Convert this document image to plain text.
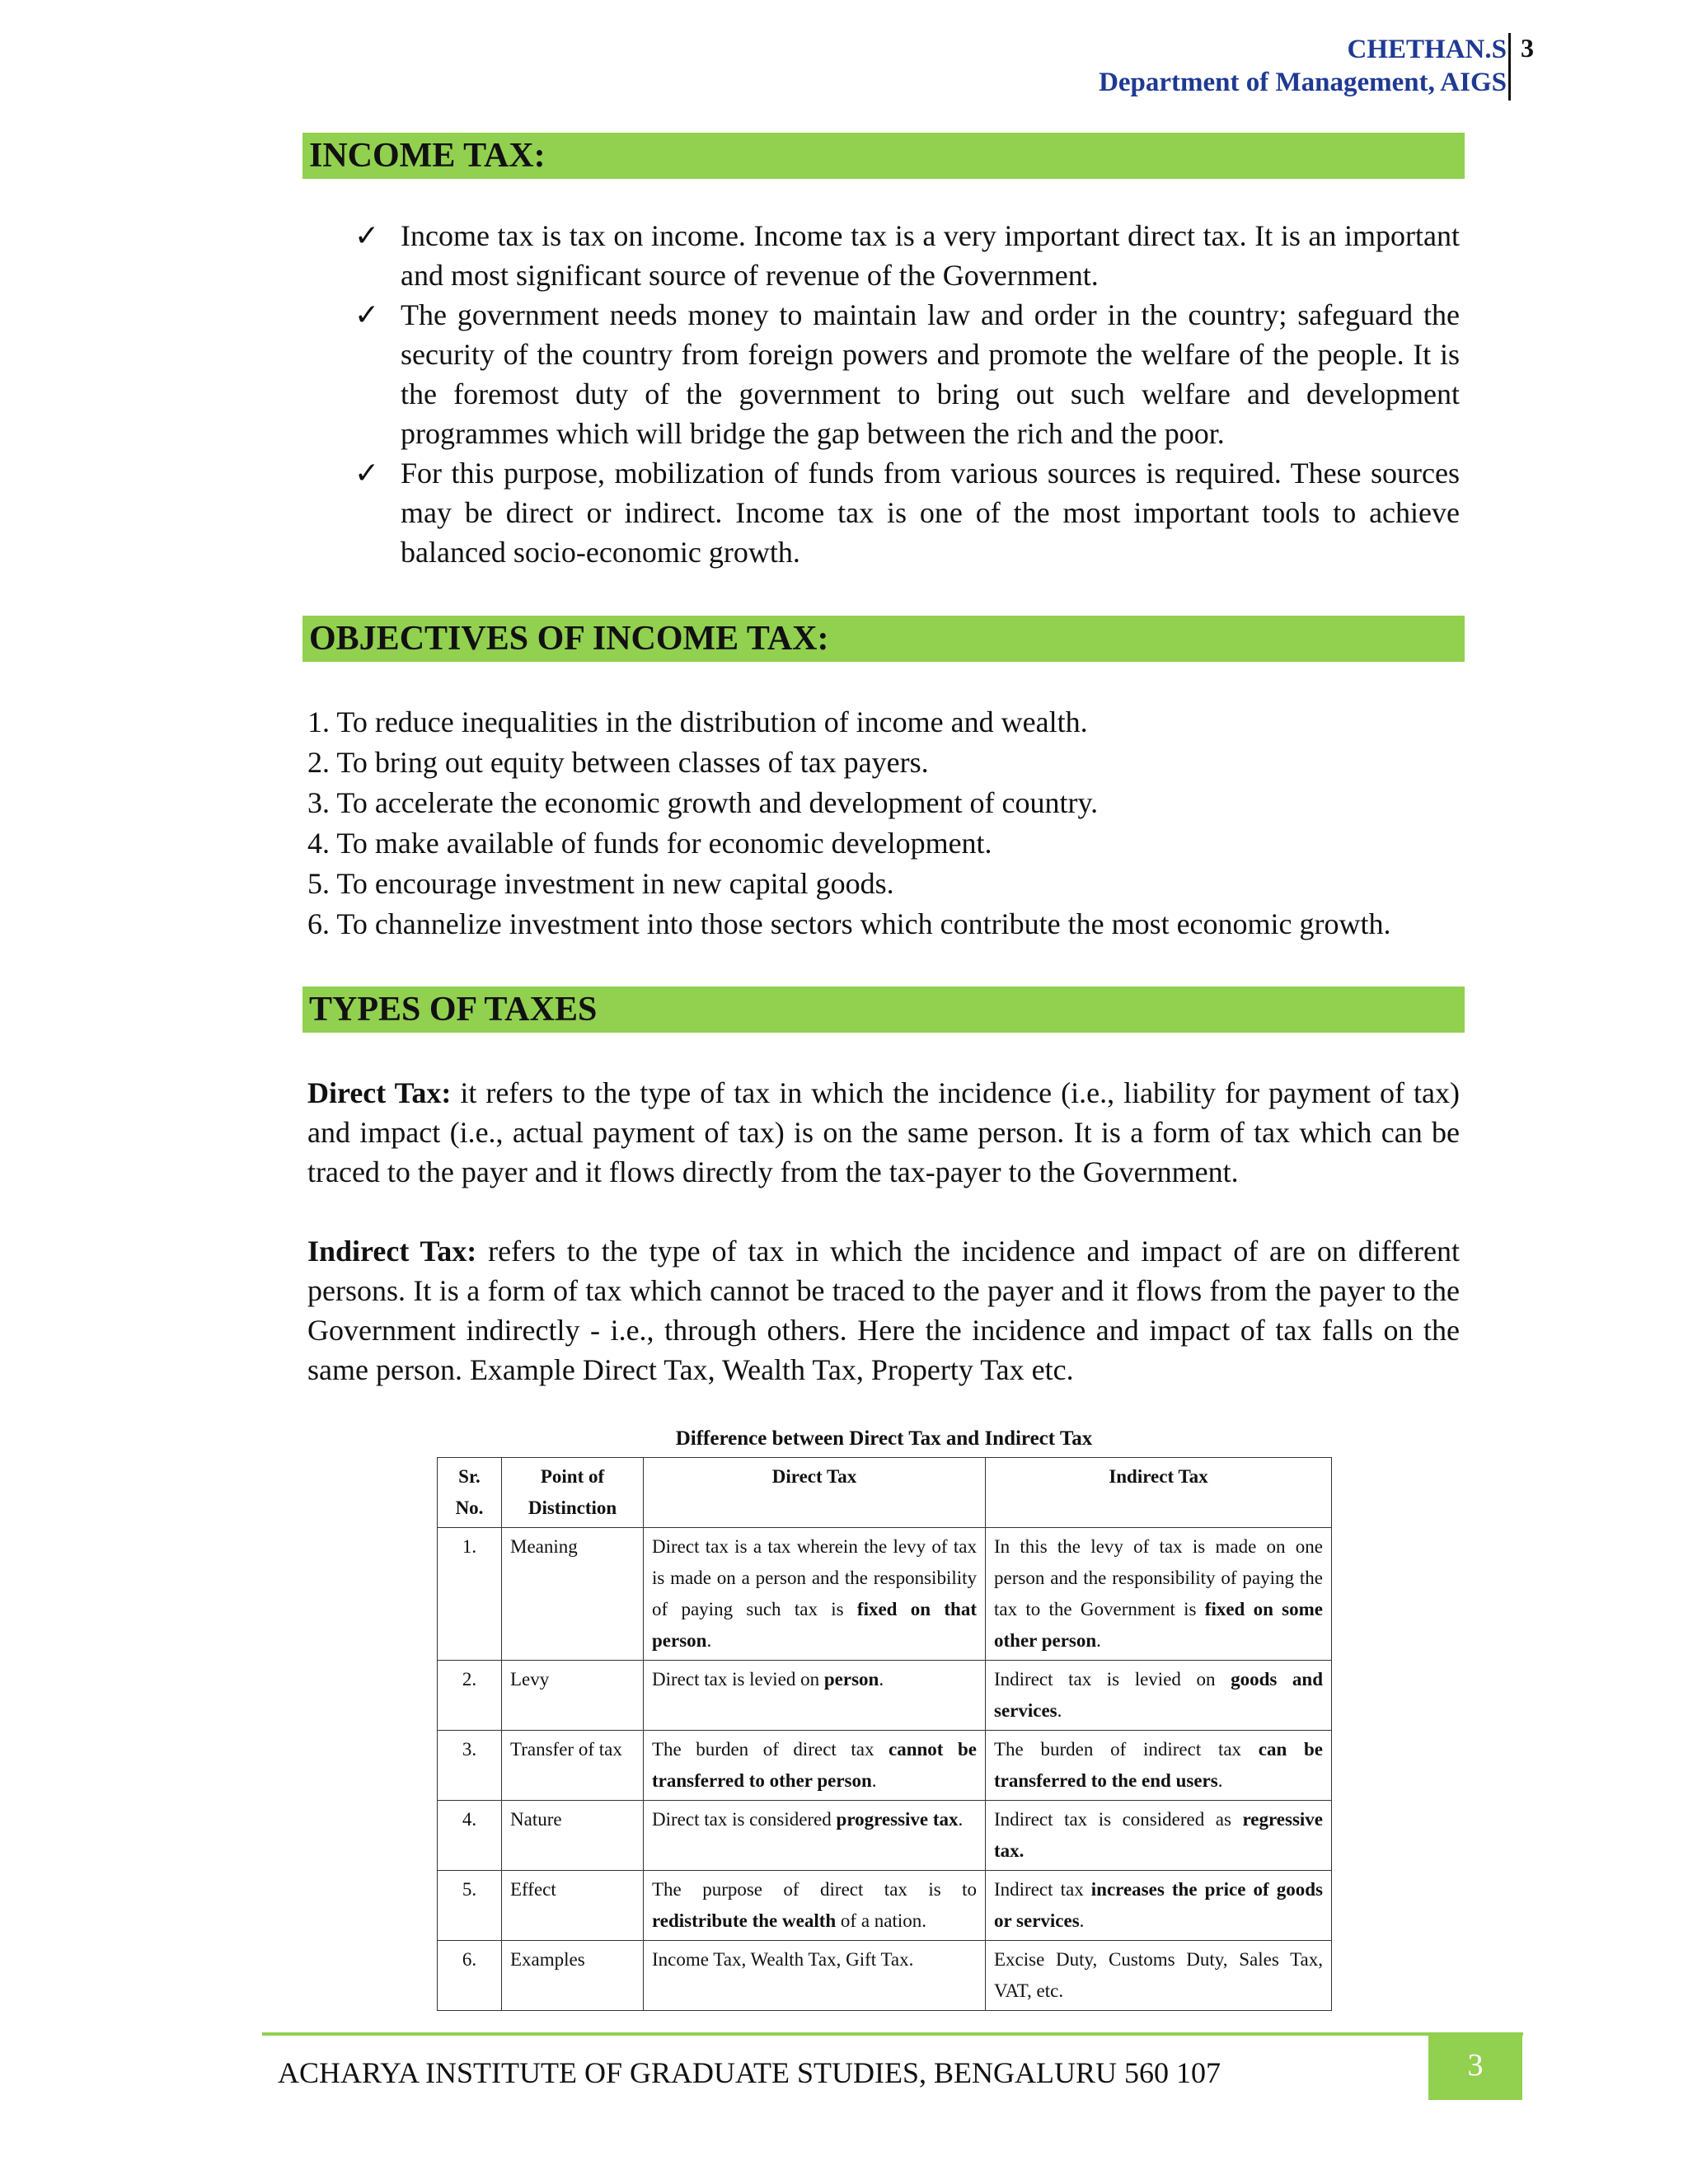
CHETHAN.S
Department of Management, AIGS
3
INCOME TAX:
✓ Income tax is tax on income. Income tax is a very important direct tax. It is an important and most significant source of revenue of the Government.
✓ The government needs money to maintain law and order in the country; safeguard the security of the country from foreign powers and promote the welfare of the people. It is the foremost duty of the government to bring out such welfare and development programmes which will bridge the gap between the rich and the poor.
✓ For this purpose, mobilization of funds from various sources is required. These sources may be direct or indirect. Income tax is one of the most important tools to achieve balanced socio-economic growth.
OBJECTIVES OF INCOME TAX:
1. To reduce inequalities in the distribution of income and wealth.
2. To bring out equity between classes of tax payers.
3. To accelerate the economic growth and development of country.
4. To make available of funds for economic development.
5. To encourage investment in new capital goods.
6. To channelize investment into those sectors which contribute the most economic growth.
TYPES OF TAXES
Direct Tax: it refers to the type of tax in which the incidence (i.e., liability for payment of tax) and impact (i.e., actual payment of tax) is on the same person. It is a form of tax which can be traced to the payer and it flows directly from the tax-payer to the Government.
Indirect Tax: refers to the type of tax in which the incidence and impact of are on different persons. It is a form of tax which cannot be traced to the payer and it flows from the payer to the Government indirectly - i.e., through others. Here the incidence and impact of tax falls on the same person. Example Direct Tax, Wealth Tax, Property Tax etc.
Difference between Direct Tax and Indirect Tax
Sr. No.	Point of Distinction	Direct Tax	Indirect Tax
1.	Meaning	Direct tax is a tax wherein the levy of tax is made on a person and the responsibility of paying such tax is fixed on that person.	In this the levy of tax is made on one person and the responsibility of paying the tax to the Government is fixed on some other person.
2.	Levy	Direct tax is levied on person.	Indirect tax is levied on goods and services.
3.	Transfer of tax	The burden of direct tax cannot be transferred to other person.	The burden of indirect tax can be transferred to the end users.
4.	Nature	Direct tax is considered progressive tax.	Indirect tax is considered as regressive tax.
5.	Effect	The purpose of direct tax is to redistribute the wealth of a nation.	Indirect tax increases the price of goods or services.
6.	Examples	Income Tax, Wealth Tax, Gift Tax.	Excise Duty, Customs Duty, Sales Tax, VAT, etc.
ACHARYA INSTITUTE OF GRADUATE STUDIES, BENGALURU 560 107	3
